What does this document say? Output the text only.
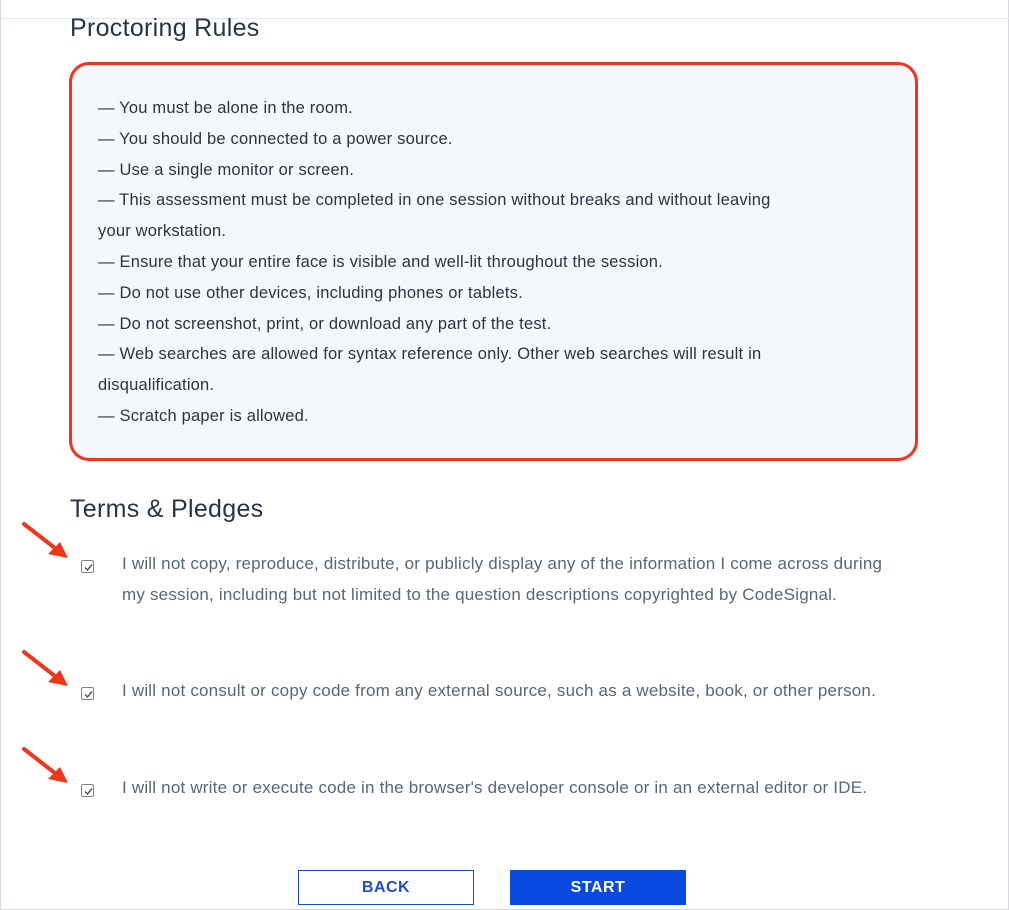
Proctoring Rules
— You must be alone in the room.
— You should be connected to a power source.
— Use a single monitor or screen.
— This assessment must be completed in one session without breaks and without leaving
your workstation.
— Ensure that your entire face is visible and well-lit throughout the session.
— Do not use other devices, including phones or tablets.
— Do not screenshot, print, or download any part of the test.
— Web searches are allowed for syntax reference only. Other web searches will result in
disqualification.
— Scratch paper is allowed.
Terms & Pledges
I will not copy, reproduce, distribute, or publicly display any of the information I come across during my session, including but not limited to the question descriptions copyrighted by CodeSignal.
I will not consult or copy code from any external source, such as a website, book, or other person.
I will not write or execute code in the browser's developer console or in an external editor or IDE.
BACK	START
